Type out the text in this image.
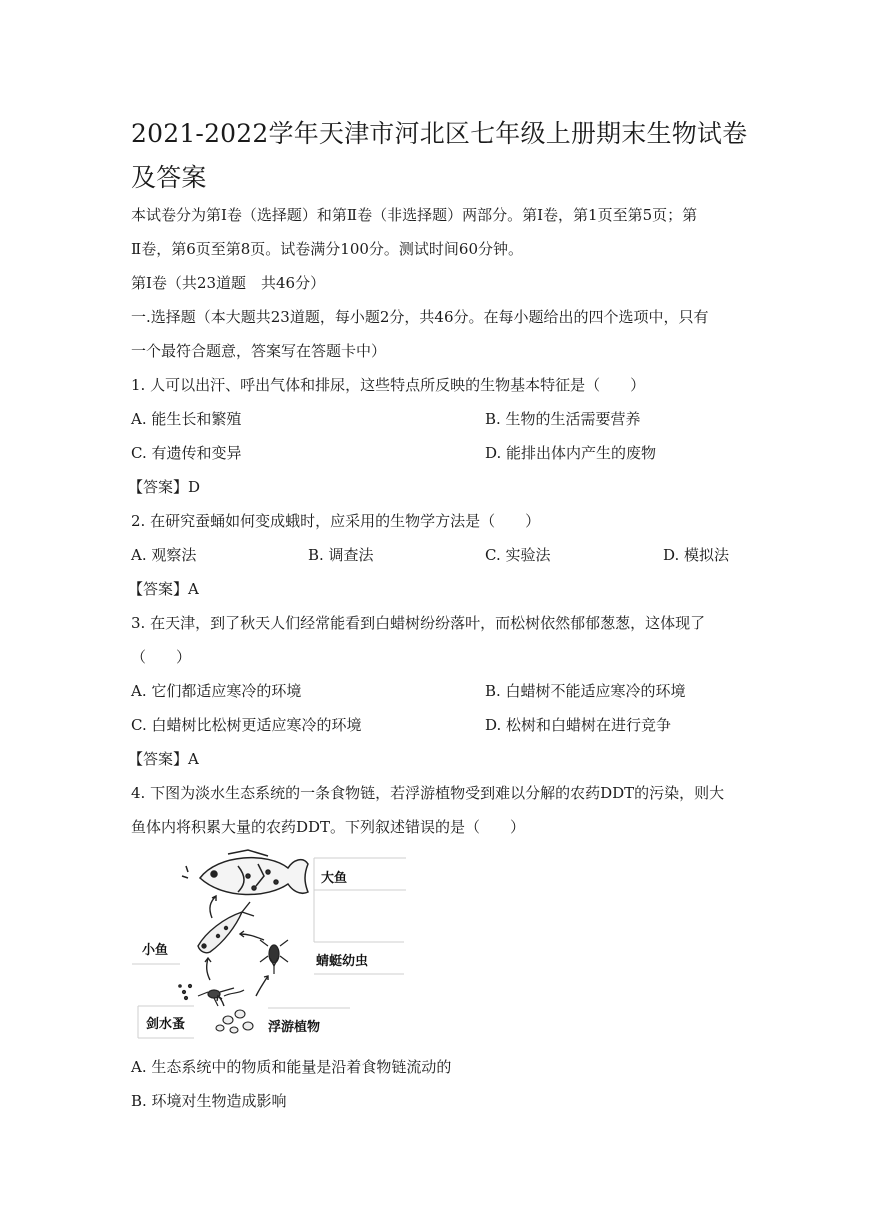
2021-2022学年天津市河北区七年级上册期末生物试卷及答案
本试卷分为第Ⅰ卷（选择题）和第Ⅱ卷（非选择题）两部分。第Ⅰ卷，第1页至第5页；第
Ⅱ卷，第6页至第8页。试卷满分100分。测试时间60分钟。
第Ⅰ卷（共23道题　共46分）
一.选择题（本大题共23道题，每小题2分，共46分。在每小题给出的四个选项中，只有
一个最符合题意，答案写在答题卡中）
1. 人可以出汗、呼出气体和排尿，这些特点所反映的生物基本特征是（　　）
A. 能生长和繁殖	B. 生物的生活需要营养
C. 有遗传和变异	D. 能排出体内产生的废物
【答案】D
2. 在研究蚕蛹如何变成蛾时，应采用的生物学方法是（　　）
A. 观察法	B. 调查法	C. 实验法	D. 模拟法
【答案】A
3. 在天津，到了秋天人们经常能看到白蜡树纷纷落叶，而松树依然郁郁葱葱，这体现了
（　　）
A. 它们都适应寒冷的环境	B. 白蜡树不能适应寒冷的环境
C. 白蜡树比松树更适应寒冷的环境	D. 松树和白蜡树在进行竞争
【答案】A
4. 下图为淡水生态系统的一条食物链，若浮游植物受到难以分解的农药DDT的污染，则大
鱼体内将积累大量的农药DDT。下列叙述错误的是（　　）
大鱼
小鱼
蜻蜓幼虫
剑水蚤	浮游植物
A. 生态系统中的物质和能量是沿着食物链流动的
B. 环境对生物造成影响
